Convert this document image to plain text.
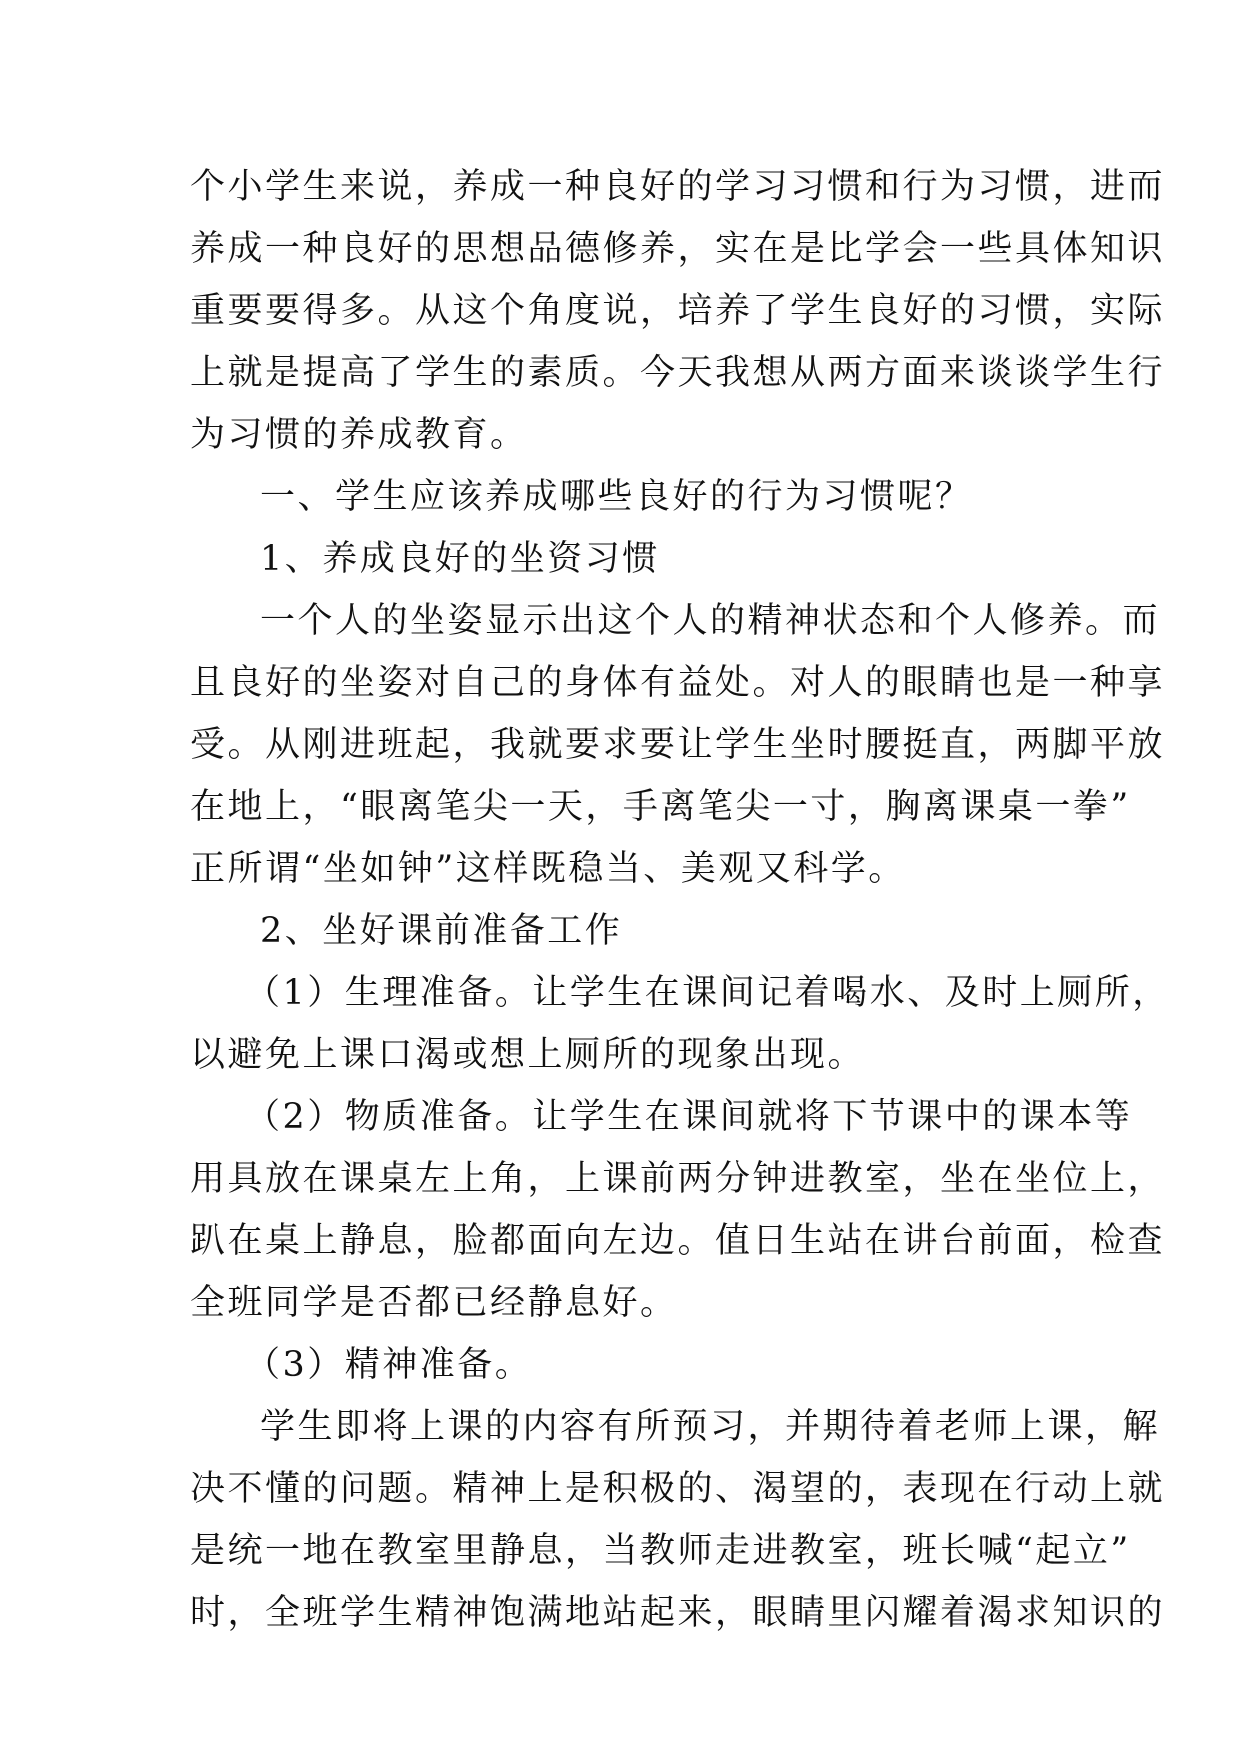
个小学生来说，养成一种良好的学习习惯和行为习惯，进而
养成一种良好的思想品德修养，实在是比学会一些具体知识
重要要得多。从这个角度说，培养了学生良好的习惯，实际
上就是提高了学生的素质。今天我想从两方面来谈谈学生行
为习惯的养成教育。
一、学生应该养成哪些良好的行为习惯呢？
1、养成良好的坐资习惯
一个人的坐姿显示出这个人的精神状态和个人修养。而
且良好的坐姿对自己的身体有益处。对人的眼睛也是一种享
受。从刚进班起，我就要求要让学生坐时腰挺直，两脚平放
在地上，“眼离笔尖一天，手离笔尖一寸，胸离课桌一拳”
正所谓“坐如钟”这样既稳当、美观又科学。
2、坐好课前准备工作
（1）生理准备。让学生在课间记着喝水、及时上厕所，
以避免上课口渴或想上厕所的现象出现。
（2）物质准备。让学生在课间就将下节课中的课本等
用具放在课桌左上角，上课前两分钟进教室，坐在坐位上，
趴在桌上静息，脸都面向左边。值日生站在讲台前面，检查
全班同学是否都已经静息好。
（3）精神准备。
学生即将上课的内容有所预习，并期待着老师上课，解
决不懂的问题。精神上是积极的、渴望的，表现在行动上就
是统一地在教室里静息，当教师走进教室，班长喊“起立”
时，全班学生精神饱满地站起来，眼睛里闪耀着渴求知识的
